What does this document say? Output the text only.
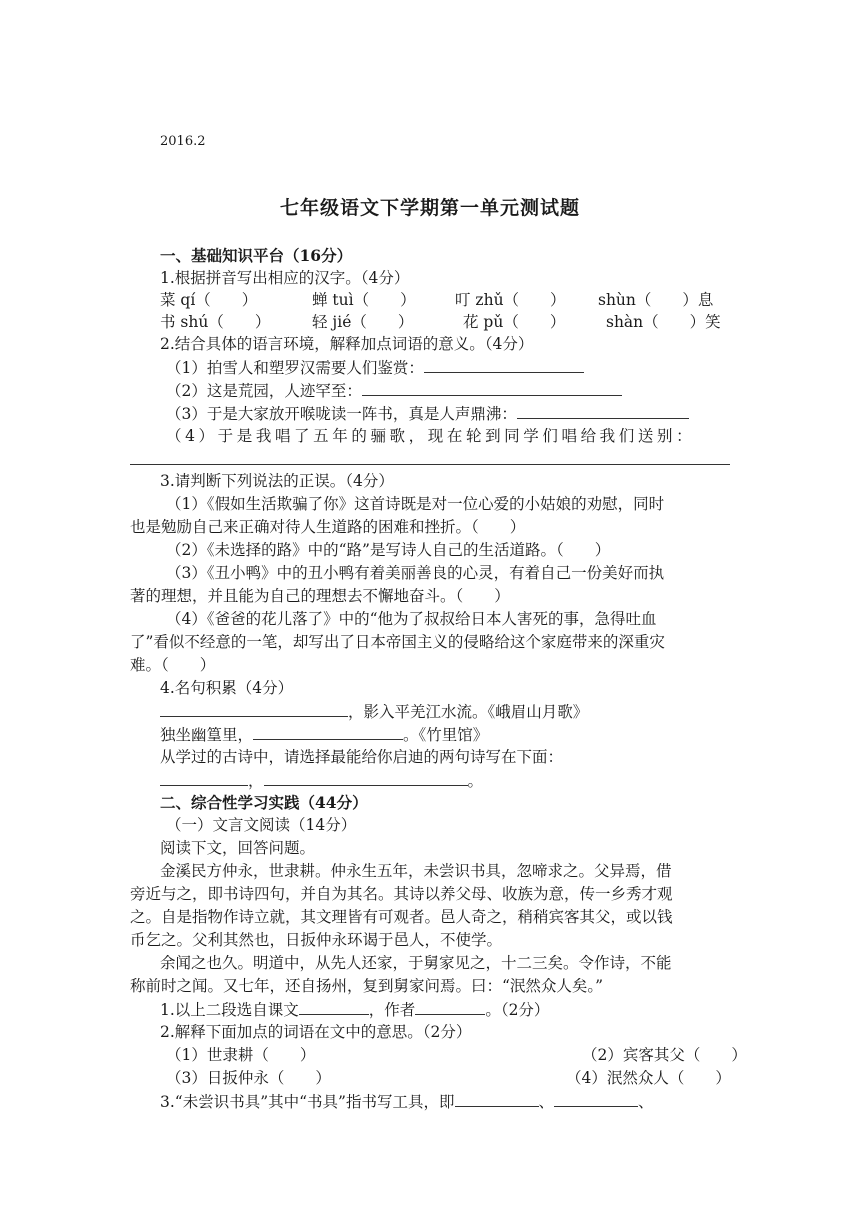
2016.2
七年级语文下学期第一单元测试题
一、基础知识平台（16分）
1.根据拼音写出相应的汉字。（4分）
菜 qí（　　）	蝉 tuì（　　）	叮 zhǔ（　　） shùn（　　）息
书 shú（　　）	轻 jié（　　）	花 pǔ（　　）	shàn（　　）笑
2.结合具体的语言环境，解释加点词语的意义。（4分）
（1）拍雪人和塑罗汉需要人们鉴赏：
（2）这是荒园，人迹罕至：
（3）于是大家放开喉咙读一阵书，真是人声鼎沸：
（4）于是我唱了五年的骊歌，现在轮到同学们唱给我们送别：
3.请判断下列说法的正误。（4分）
（1）《假如生活欺骗了你》这首诗既是对一位心爱的小姑娘的劝慰，同时
也是勉励自己来正确对待人生道路的困难和挫折。（　　）
（2）《未选择的路》中的“路”是写诗人自己的生活道路。（　　）
（3）《丑小鸭》中的丑小鸭有着美丽善良的心灵，有着自己一份美好而执
著的理想，并且能为自己的理想去不懈地奋斗。（　　）
（4）《爸爸的花儿落了》中的“他为了叔叔给日本人害死的事，急得吐血
了”看似不经意的一笔，却写出了日本帝国主义的侵略给这个家庭带来的深重灾
难。（　　）
4.名句积累（4分）
，影入平羌江水流。《峨眉山月歌》
独坐幽篁里，	。《竹里馆》
从学过的古诗中，请选择最能给你启迪的两句诗写在下面：
，	。
二、综合性学习实践（44分）
（一）文言文阅读（14分）
阅读下文，回答问题。
金溪民方仲永，世隶耕。仲永生五年，未尝识书具，忽啼求之。父异焉，借
旁近与之，即书诗四句，并自为其名。其诗以养父母、收族为意，传一乡秀才观
之。自是指物作诗立就，其文理皆有可观者。邑人奇之，稍稍宾客其父，或以钱
币乞之。父利其然也，日扳仲永环谒于邑人，不使学。
余闻之也久。明道中，从先人还家，于舅家见之，十二三矣。令作诗，不能
称前时之闻。又七年，还自扬州，复到舅家问焉。曰：“泯然众人矣。”
1.以上二段选自课文	，作者	。（2分）
2.解释下面加点的词语在文中的意思。（2分）
（1）世隶耕（　　）	（2）宾客其父（　　）
（3）日扳仲永（　　）	（4）泯然众人（　　）
3.“未尝识书具”其中“书具”指书写工具，即	、	、
